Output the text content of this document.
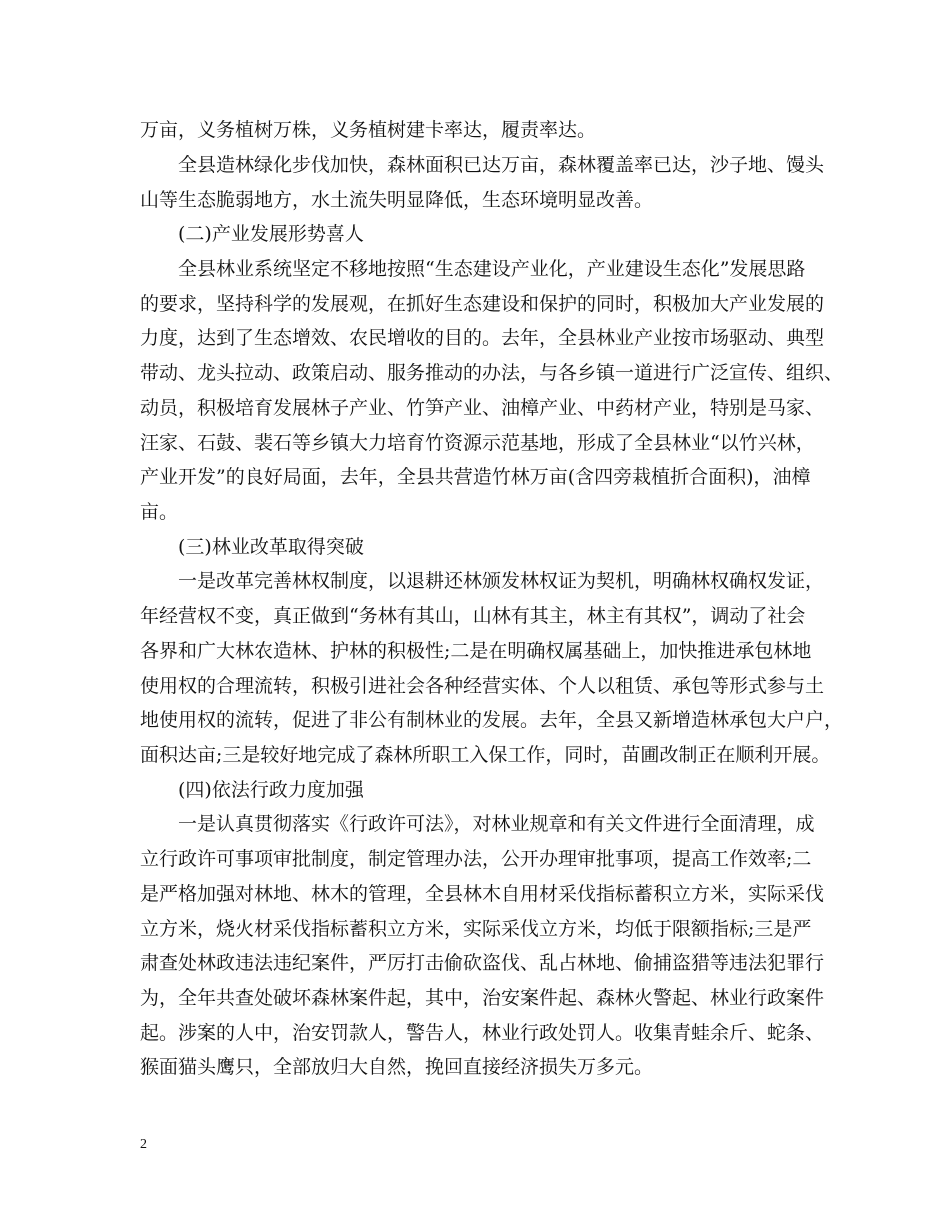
万亩，义务植树万株，义务植树建卡率达，履责率达。
全县造林绿化步伐加快，森林面积已达万亩，森林覆盖率已达，沙子地、馒头
山等生态脆弱地方，水土流失明显降低，生态环境明显改善。
(二)产业发展形势喜人
全县林业系统坚定不移地按照“生态建设产业化，产业建设生态化”发展思路
的要求，坚持科学的发展观，在抓好生态建设和保护的同时，积极加大产业发展的
力度，达到了生态增效、农民增收的目的。去年，全县林业产业按市场驱动、典型
带动、龙头拉动、政策启动、服务推动的办法，与各乡镇一道进行广泛宣传、组织、
动员，积极培育发展林子产业、竹笋产业、油樟产业、中药材产业，特别是马家、
汪家、石鼓、裴石等乡镇大力培育竹资源示范基地，形成了全县林业“以竹兴林，
产业开发”的良好局面，去年，全县共营造竹林万亩(含四旁栽植折合面积)，油樟
亩。
(三)林业改革取得突破
一是改革完善林权制度，以退耕还林颁发林权证为契机，明确林权确权发证，
年经营权不变，真正做到“务林有其山，山林有其主，林主有其权”，调动了社会
各界和广大林农造林、护林的积极性;二是在明确权属基础上，加快推进承包林地
使用权的合理流转，积极引进社会各种经营实体、个人以租赁、承包等形式参与土
地使用权的流转，促进了非公有制林业的发展。去年，全县又新增造林承包大户户，
面积达亩;三是较好地完成了森林所职工入保工作，同时，苗圃改制正在顺利开展。
(四)依法行政力度加强
一是认真贯彻落实《行政许可法》，对林业规章和有关文件进行全面清理，成
立行政许可事项审批制度，制定管理办法，公开办理审批事项，提高工作效率;二
是严格加强对林地、林木的管理，全县林木自用材采伐指标蓄积立方米，实际采伐
立方米，烧火材采伐指标蓄积立方米，实际采伐立方米，均低于限额指标;三是严
肃查处林政违法违纪案件，严厉打击偷砍盗伐、乱占林地、偷捕盗猎等违法犯罪行
为，全年共查处破坏森林案件起，其中，治安案件起、森林火警起、林业行政案件
起。涉案的人中，治安罚款人，警告人，林业行政处罚人。收集青蛙余斤、蛇条、
猴面猫头鹰只，全部放归大自然，挽回直接经济损失万多元。
2
